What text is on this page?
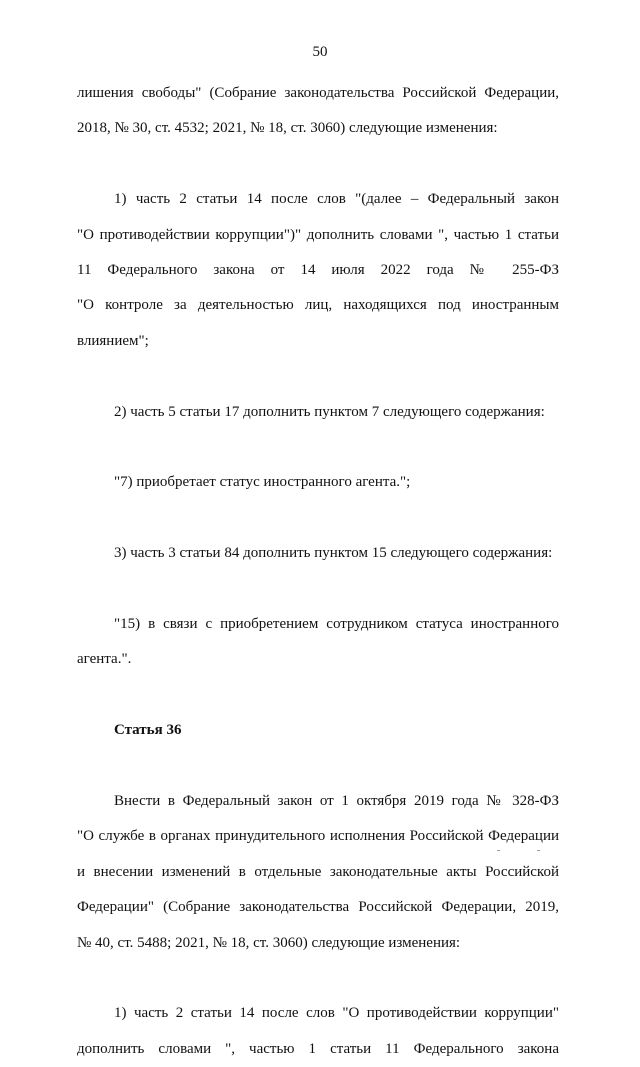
50
лишения свободы" (Собрание законодательства Российской Федерации,
2018, № 30, ст. 4532; 2021, № 18, ст. 3060) следующие изменения:
1) часть 2 статьи 14 после слов "(далее – Федеральный закон
"О противодействии коррупции")" дополнить словами ", частью 1 статьи
11 Федерального закона от 14 июля 2022 года № 255-ФЗ
"О контроле за деятельностью лиц, находящихся под иностранным
влиянием";

2) часть 5 статьи 17 дополнить пунктом 7 следующего содержания:

"7) приобретает статус иностранного агента.";

3) часть 3 статьи 84 дополнить пунктом 15 следующего содержания:

"15) в связи с приобретением сотрудником статуса иностранного
агента.".

Статья 36

Внести в Федеральный закон от 1 октября 2019 года № 328-ФЗ
"О службе в органах принудительного исполнения Российской Федерации
и внесении изменений в отдельные законодательные акты Российской
Федерации" (Собрание законодательства Российской Федерации, 2019,
№ 40, ст. 5488; 2021, № 18, ст. 3060) следующие изменения:
1) часть 2 статьи 14 после слов "О противодействии коррупции"
дополнить словами ", частью 1 статьи 11 Федерального закона
